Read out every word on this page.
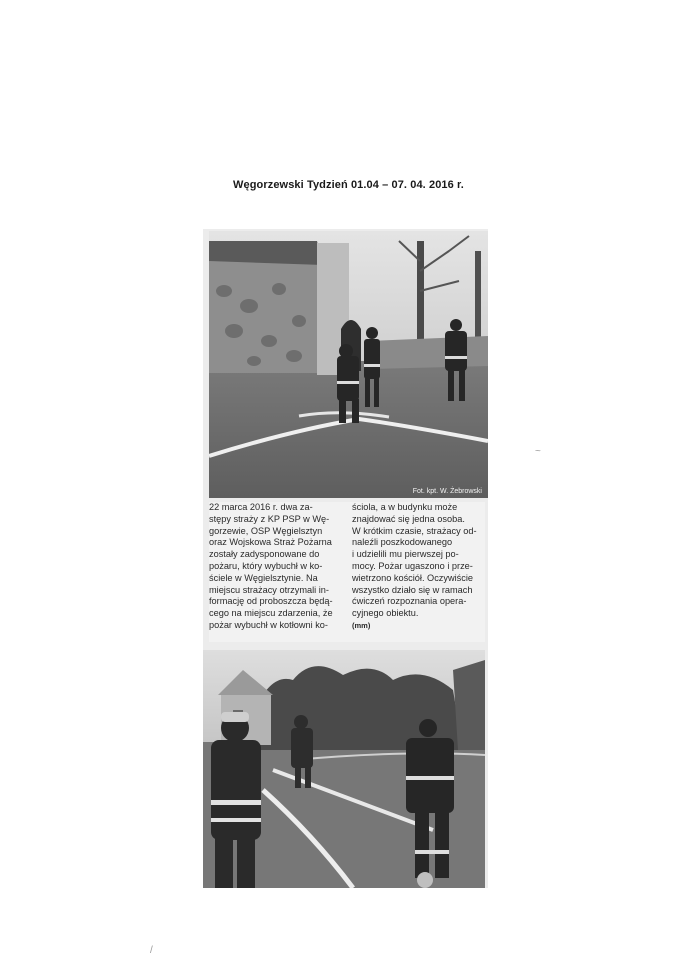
Węgorzewski Tydzień 01.04 – 07. 04. 2016 r.
Fot. kpt. W. Żebrowski
22 marca 2016 r. dwa za-
stępy straży z KP PSP w Wę-
gorzewie, OSP Węgielsztyn
oraz Wojskowa Straż Pożarna
zostały zadysponowane do
pożaru, który wybuchł w ko-
ściele w Węgielsztynie. Na
miejscu strażacy otrzymali in-
formację od proboszcza będą-
cego na miejscu zdarzenia, że
pożar wybuchł w kotłowni ko-
ściola, a w budynku może
znajdować się jedna osoba.
W krótkim czasie, strażacy od-
naleźli poszkodowanego
i udzielili mu pierwszej po-
mocy. Pożar ugaszono i prze-
wietrzono kościół. Oczywiście
wszystko działo się w ramach
ćwiczeń rozpoznania opera-
cyjnego obiektu.
(mm)
~
/
